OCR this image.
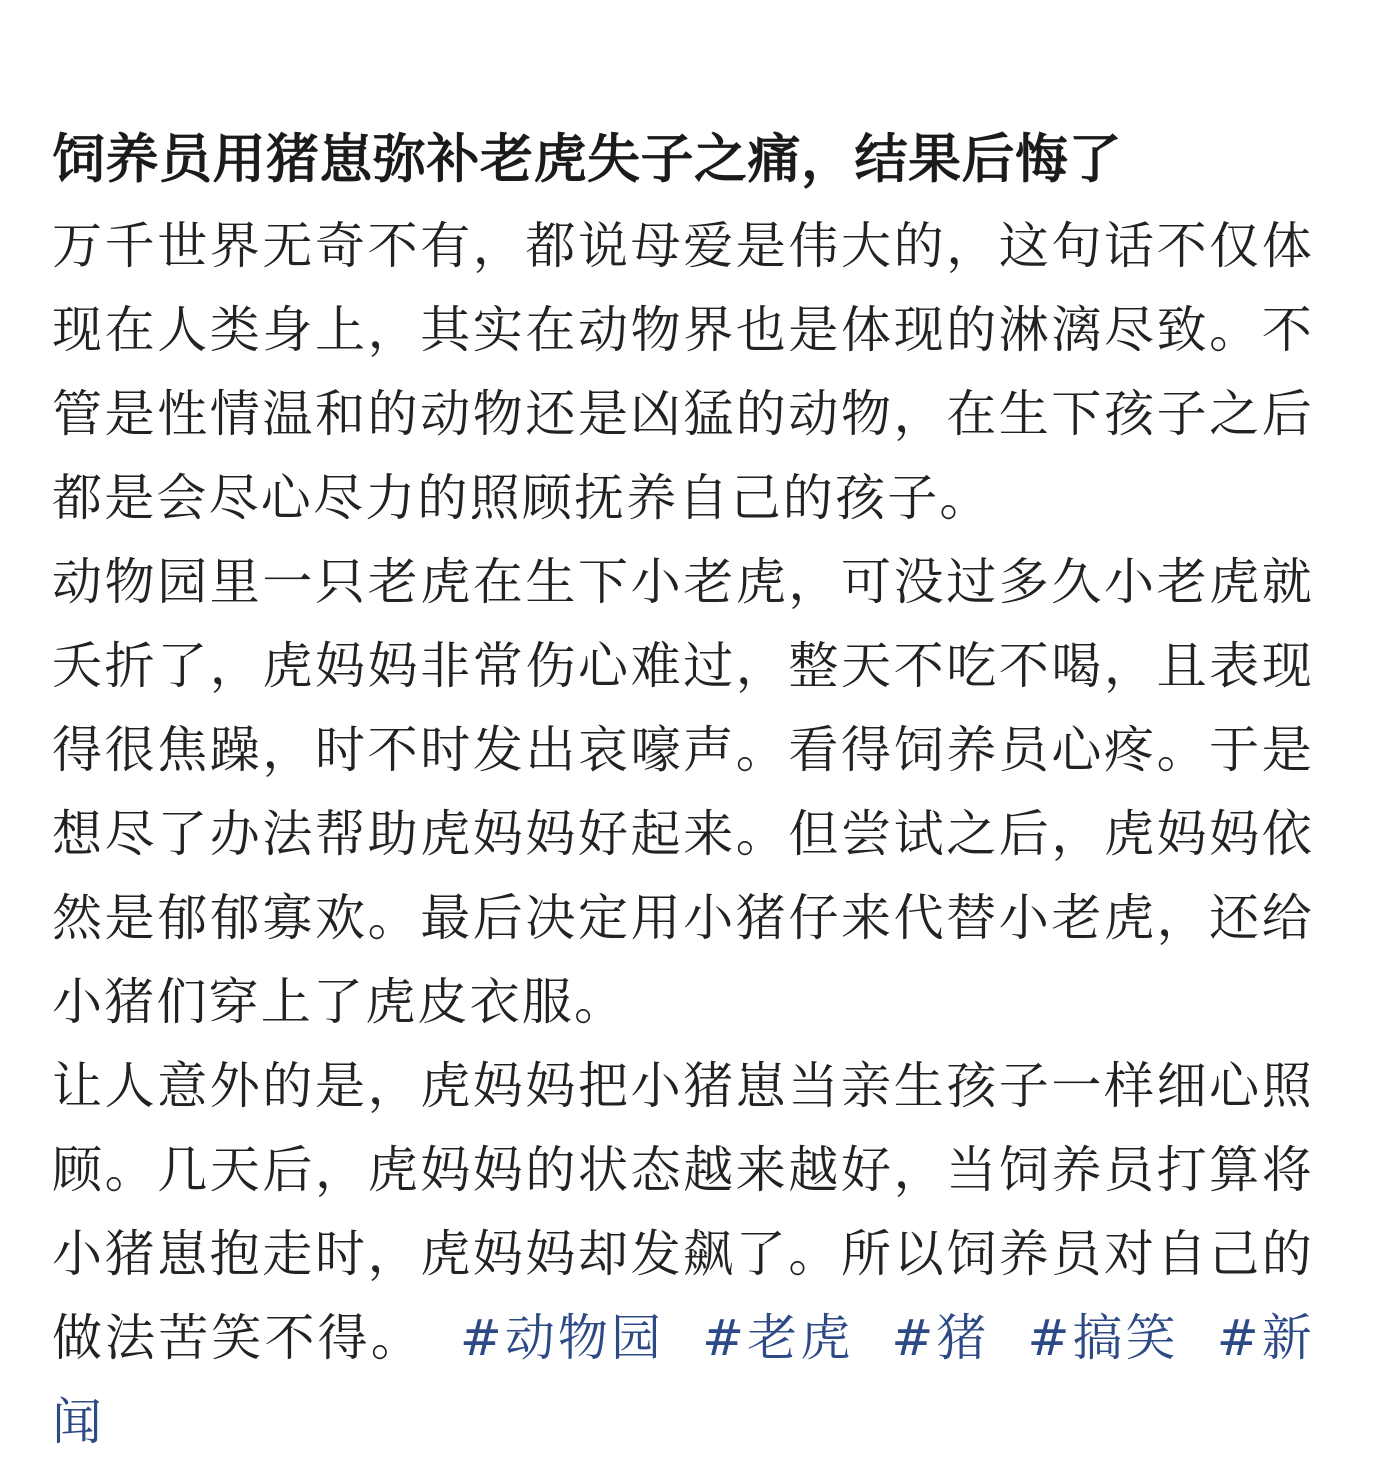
饲养员用猪崽弥补老虎失子之痛，结果后悔了

万千世界无奇不有，都说母爱是伟大的，这句话不仅体现在人类身上，其实在动物界也是体现的淋漓尽致。不管是性情温和的动物还是凶猛的动物，在生下孩子之后都是会尽心尽力的照顾抚养自己的孩子。

动物园里一只老虎在生下小老虎，可没过多久小老虎就夭折了，虎妈妈非常伤心难过，整天不吃不喝，且表现得很焦躁，时不时发出哀嚎声。看得饲养员心疼。于是想尽了办法帮助虎妈妈好起来。但尝试之后，虎妈妈依然是郁郁寡欢。最后决定用小猪仔来代替小老虎，还给小猪们穿上了虎皮衣服。

让人意外的是，虎妈妈把小猪崽当亲生孩子一样细心照顾。几天后，虎妈妈的状态越来越好，当饲养员打算将小猪崽抱走时，虎妈妈却发飙了。所以饲养员对自己的做法苦笑不得。 #动物园 #老虎 #猪 #搞笑 #新闻
